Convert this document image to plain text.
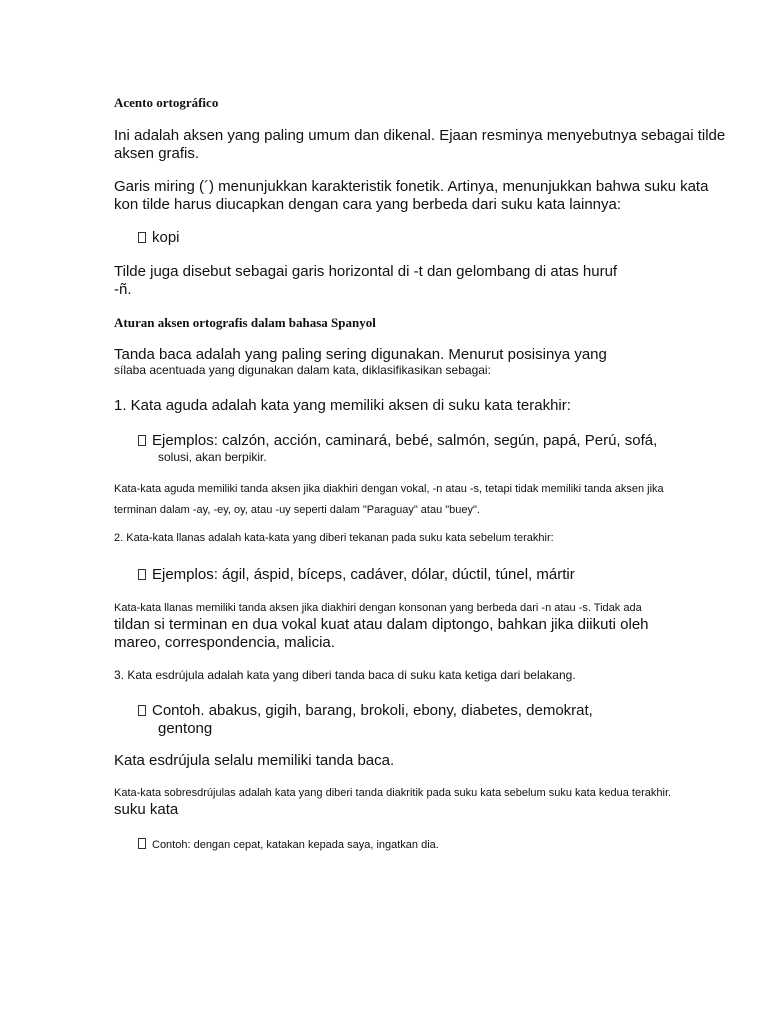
Acento ortográfico
Ini adalah aksen yang paling umum dan dikenal. Ejaan resminya menyebutnya sebagai tilde
aksen grafis.
Garis miring (´) menunjukkan karakteristik fonetik. Artinya, menunjukkan bahwa suku kata
kon tilde harus diucapkan dengan cara yang berbeda dari suku kata lainnya:
kopi
Tilde juga disebut sebagai garis horizontal di -t dan gelombang di atas huruf
-ñ.
Aturan aksen ortografis dalam bahasa Spanyol
Tanda baca adalah yang paling sering digunakan. Menurut posisinya yang
sílaba acentuada yang digunakan dalam kata, diklasifikasikan sebagai:
1. Kata aguda adalah kata yang memiliki aksen di suku kata terakhir:
Ejemplos: calzón, acción, caminará, bebé, salmón, según, papá, Perú, sofá,
solusi, akan berpikir.
Kata-kata aguda memiliki tanda aksen jika diakhiri dengan vokal, -n atau -s, tetapi tidak memiliki tanda aksen jika
terminan dalam -ay, -ey, oy, atau -uy seperti dalam "Paraguay" atau "buey".
2. Kata-kata llanas adalah kata-kata yang diberi tekanan pada suku kata sebelum terakhir:
Ejemplos: ágil, áspid, bíceps, cadáver, dólar, dúctil, túnel, mártir
Kata-kata llanas memiliki tanda aksen jika diakhiri dengan konsonan yang berbeda dari -n atau -s. Tidak ada
tildan si terminan en dua vokal kuat atau dalam diptongo, bahkan jika diikuti oleh
mareo, correspondencia, malicia.
3. Kata esdrújula adalah kata yang diberi tanda baca di suku kata ketiga dari belakang.
Contoh. abakus, gigih, barang, brokoli, ebony, diabetes, demokrat,
gentong
Kata esdrújula selalu memiliki tanda baca.
Kata-kata sobresdrújulas adalah kata yang diberi tanda diakritik pada suku kata sebelum suku kata kedua terakhir.
suku kata
Contoh: dengan cepat, katakan kepada saya, ingatkan dia.
